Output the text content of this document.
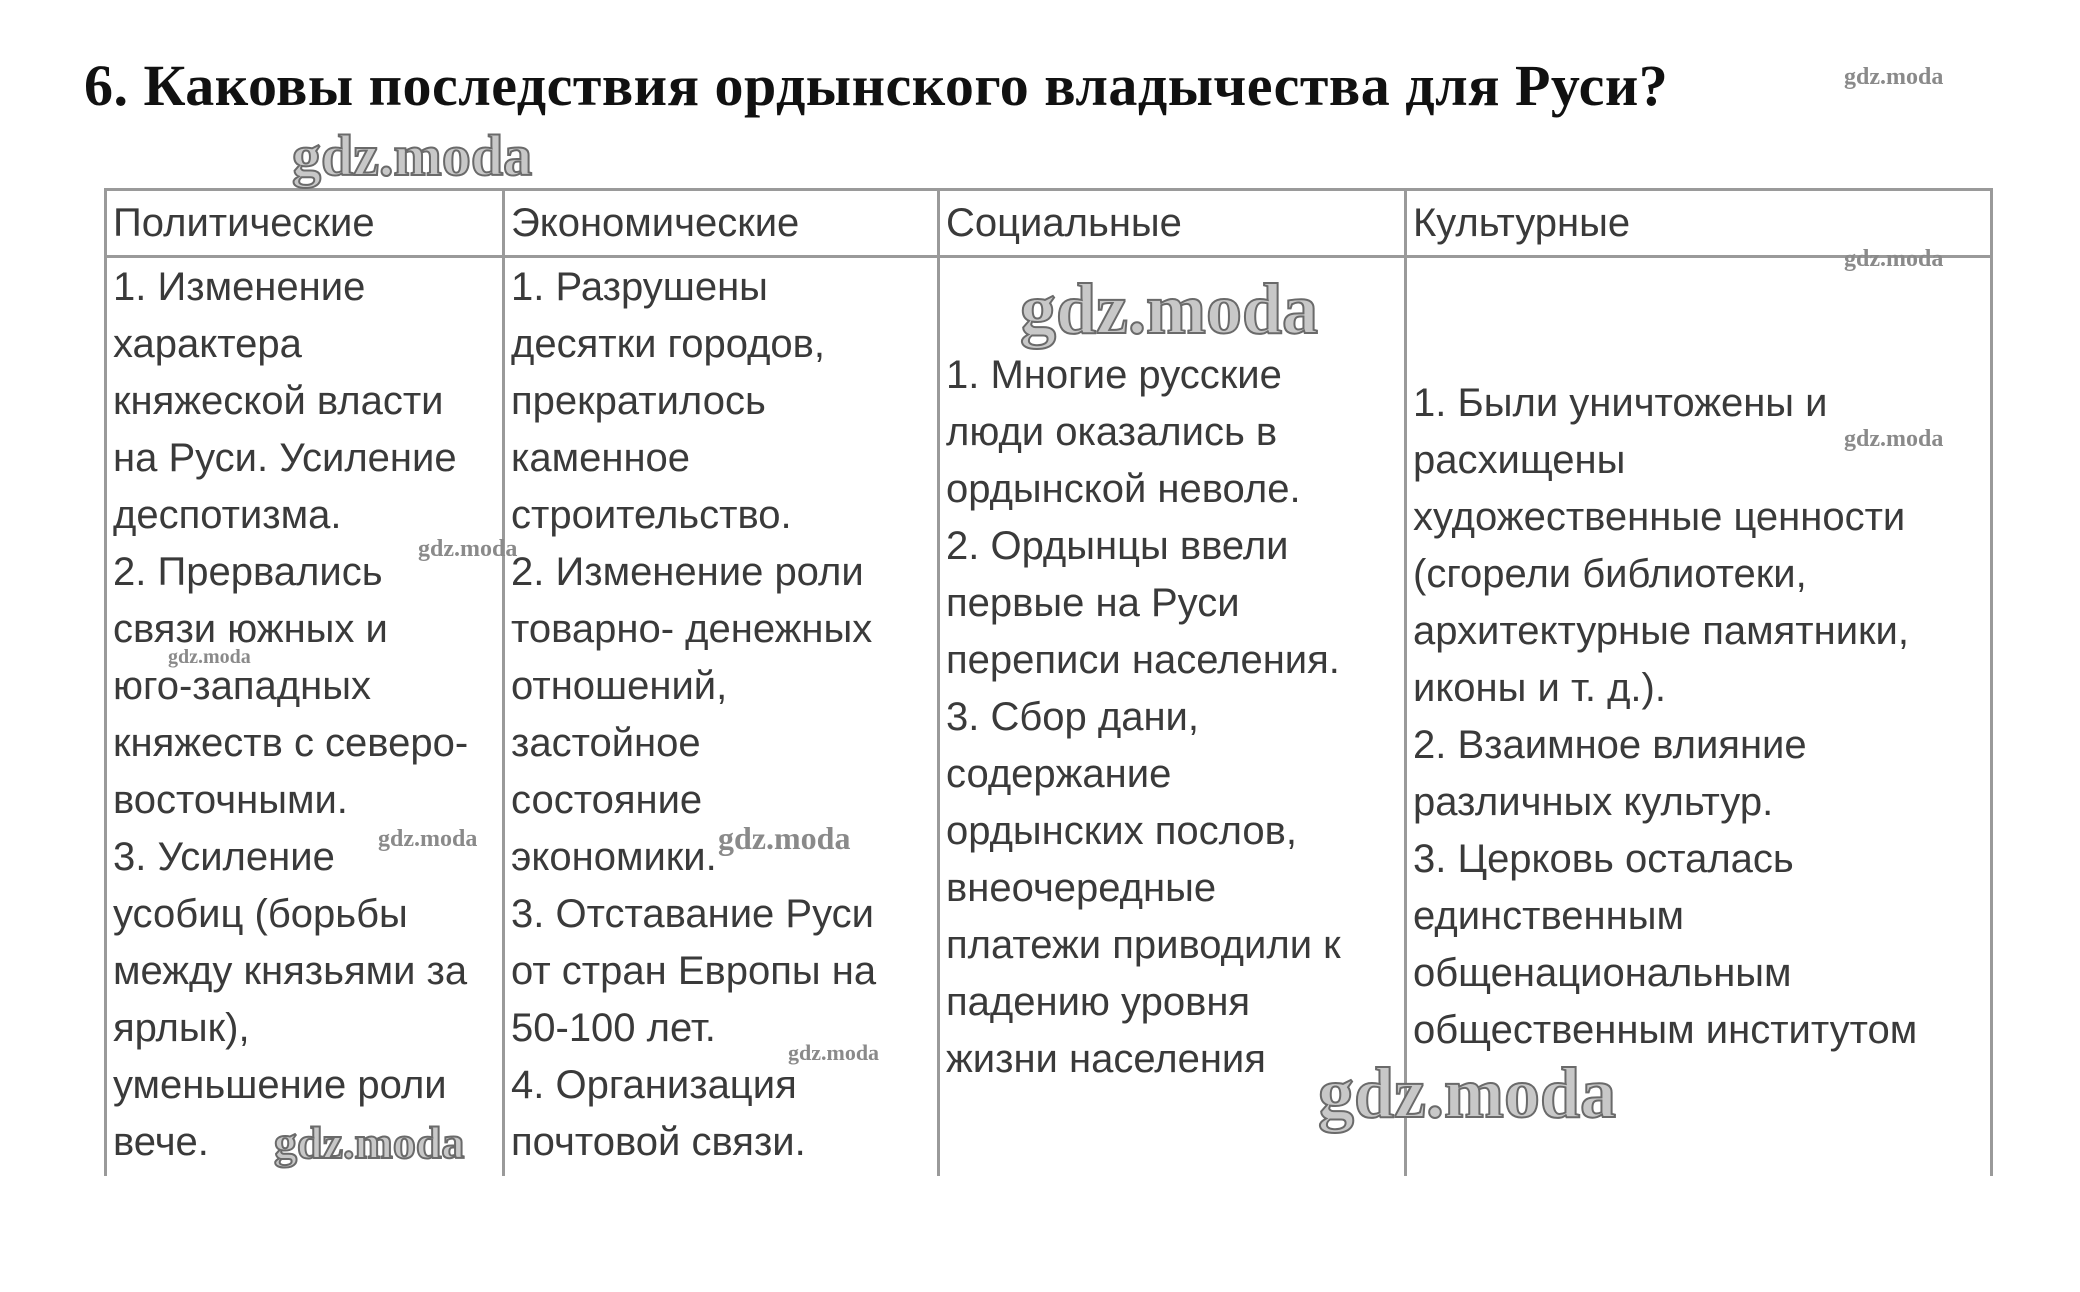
6. Каковы последствия ордынского владычества для Руси?
Политические
1. Изменение
характера
княжеской власти
на Руси. Усиление
деспотизма.
2. Прервались
связи южных и
юго-западных
княжеств с северо-
восточными.
3. Усиление
усобиц (борьбы
между князьями за
ярлык),
уменьшение роли
вече.
Экономические
1. Разрушены
десятки городов,
прекратилось
каменное
строительство.
2. Изменение роли
товарно- денежных
отношений,
застойное
состояние
экономики.
3. Отставание Руси
от стран Европы на
50-100 лет.
4. Организация
почтовой связи.
Социальные
1. Многие русские
люди оказались в
ордынской неволе.
2. Ордынцы ввели
первые на Руси
переписи населения.
3. Сбор дани,
содержание
ордынских послов,
внеочередные
платежи приводили к
падению уровня
жизни населения
Культурные
1. Были уничтожены и
расхищены
художественные ценности
(сгорели библиотеки,
архитектурные памятники,
иконы и т. д.).
2. Взаимное влияние
различных культур.
3. Церковь осталась
единственным
общенациональным
общественным институтом
gdz.moda
gdz.moda
gdz.moda
gdz.moda
gdz.moda
gdz.moda
gdz.moda
gdz.moda
gdz.moda
gdz.moda	gdz.moda
gdz.moda
